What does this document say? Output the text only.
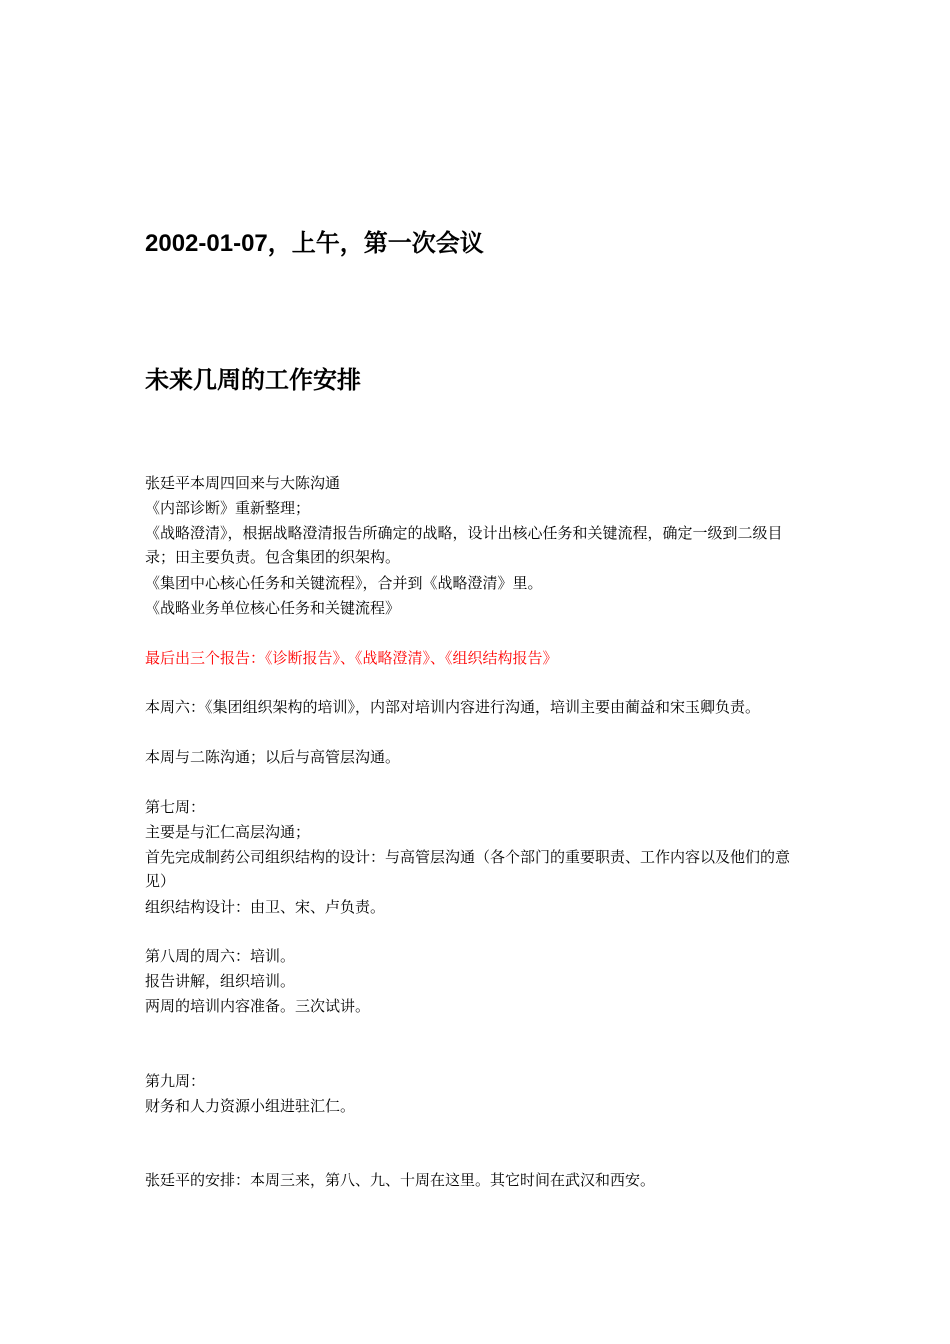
2002-01-07，上午，第一次会议
未来几周的工作安排
张廷平本周四回来与大陈沟通
《内部诊断》重新整理；
《战略澄清》，根据战略澄清报告所确定的战略，设计出核心任务和关键流程，确定一级到二级目录；田主要负责。包含集团的织架构。
《集团中心核心任务和关键流程》，合并到《战略澄清》里。
《战略业务单位核心任务和关键流程》
最后出三个报告：《诊断报告》、《战略澄清》、《组织结构报告》
本周六：《集团组织架构的培训》，内部对培训内容进行沟通，培训主要由蔺益和宋玉卿负责。
本周与二陈沟通；以后与高管层沟通。
第七周：
主要是与汇仁高层沟通；
首先完成制药公司组织结构的设计：与高管层沟通（各个部门的重要职责、工作内容以及他们的意见）
组织结构设计：由卫、宋、卢负责。
第八周的周六：培训。
报告讲解，组织培训。
两周的培训内容准备。三次试讲。
第九周：
财务和人力资源小组进驻汇仁。
张廷平的安排：本周三来，第八、九、十周在这里。其它时间在武汉和西安。
